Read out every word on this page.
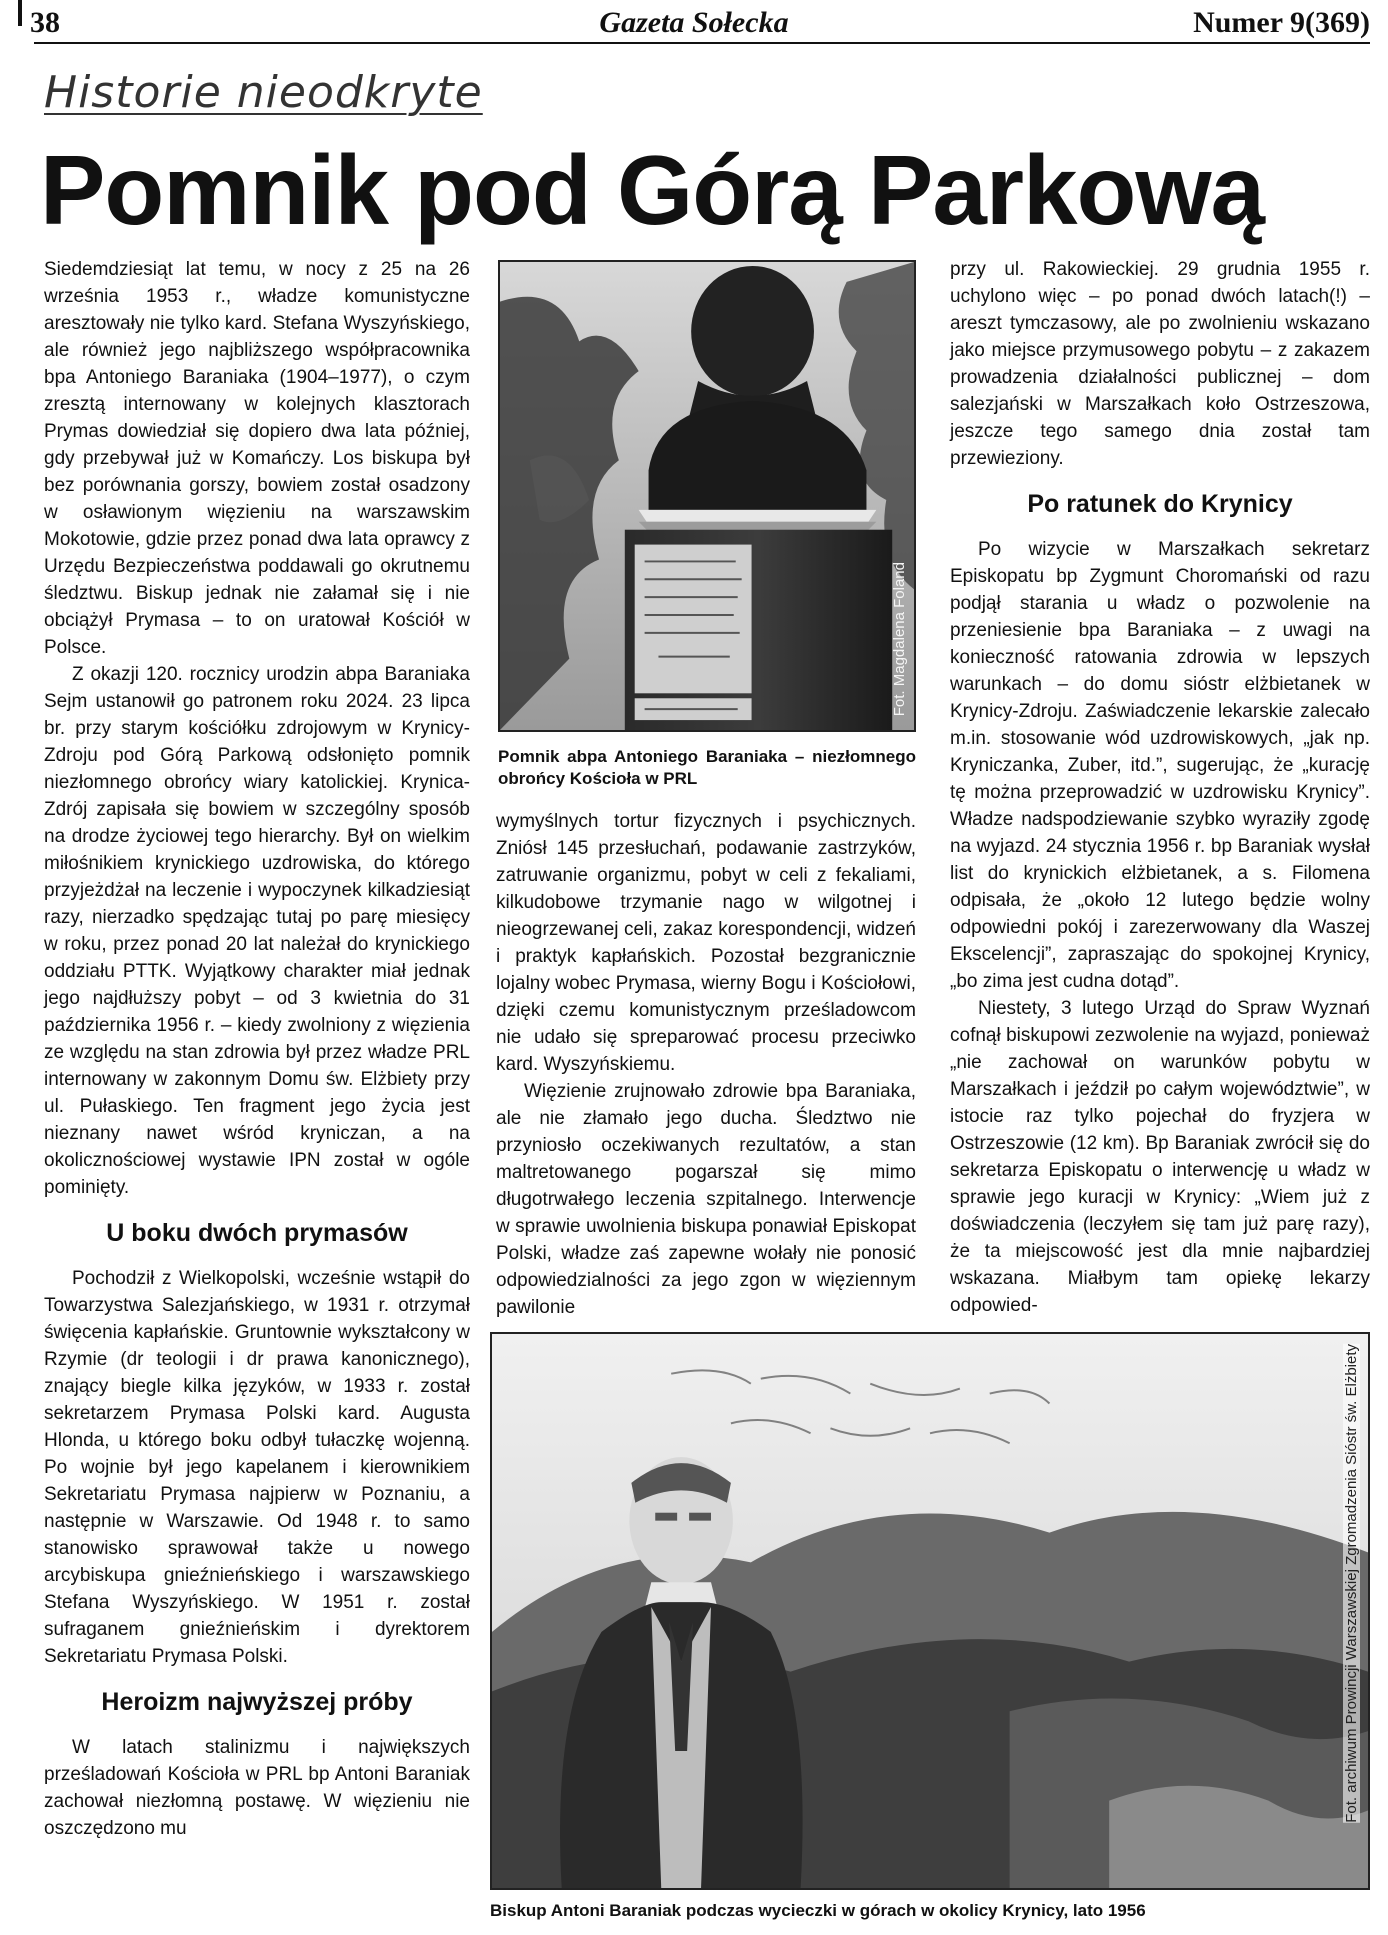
38	Gazeta Sołecka	Numer 9(369)
Historie nieodkryte
Pomnik pod Górą Parkową

Siedemdziesiąt lat temu, w nocy z 25 na 26 września 1953 r., władze komunistyczne aresztowały nie tylko kard. Stefana Wyszyńskiego, ale również jego najbliższego współpracownika bpa Antoniego Baraniaka (1904–1977), o czym zresztą internowany w kolejnych klasztorach Prymas dowiedział się dopiero dwa lata później, gdy przebywał już w Komańczy. Los biskupa był bez porównania gorszy, bowiem został osadzony w osławionym więzieniu na warszawskim Mokotowie, gdzie przez ponad dwa lata oprawcy z Urzędu Bezpieczeństwa poddawali go okrutnemu śledztwu. Biskup jednak nie załamał się i nie obciążył Prymasa – to on uratował Kościół w Polsce.

Z okazji 120. rocznicy urodzin abpa Baraniaka Sejm ustanowił go patronem roku 2024. 23 lipca br. przy starym kościółku zdrojowym w Krynicy-Zdroju pod Górą Parkową odsłonięto pomnik niezłomnego obrońcy wiary katolickiej. Krynica-Zdrój zapisała się bowiem w szczególny sposób na drodze życiowej tego hierarchy. Był on wielkim miłośnikiem krynickiego uzdrowiska, do którego przyjeżdżał na leczenie i wypoczynek kilkadziesiąt razy, nierzadko spędzając tutaj po parę miesięcy w roku, przez ponad 20 lat należał do krynickiego oddziału PTTK. Wyjątkowy charakter miał jednak jego najdłuższy pobyt – od 3 kwietnia do 31 października 1956 r. – kiedy zwolniony z więzienia ze względu na stan zdrowia był przez władze PRL internowany w zakonnym Domu św. Elżbiety przy ul. Pułaskiego. Ten fragment jego życia jest nieznany nawet wśród kryniczan, a na okolicznościowej wystawie IPN został w ogóle pominięty.

U boku dwóch prymasów

Pochodził z Wielkopolski, wcześnie wstąpił do Towarzystwa Salezjańskiego, w 1931 r. otrzymał święcenia kapłańskie. Gruntownie wykształcony w Rzymie (dr teologii i dr prawa kanonicznego), znający biegle kilka języków, w 1933 r. został sekretarzem Prymasa Polski kard. Augusta Hlonda, u którego boku odbył tułaczkę wojenną. Po wojnie był jego kapelanem i kierownikiem Sekretariatu Prymasa najpierw w Poznaniu, a następnie w Warszawie. Od 1948 r. to samo stanowisko sprawował także u nowego arcybiskupa gnieźnieńskiego i warszawskiego Stefana Wyszyńskiego. W 1951 r. został sufraganem gnieźnieńskim i dyrektorem Sekretariatu Prymasa Polski.

Heroizm najwyższej próby

W latach stalinizmu i największych prześladowań Kościoła w PRL bp Antoni Baraniak zachował niezłomną postawę. W więzieniu nie oszczędzono mu

Fot. Magdalena Foland
Pomnik abpa Antoniego Baraniaka – niezłomnego obrońcy Kościoła w PRL

wymyślnych tortur fizycznych i psychicznych. Zniósł 145 przesłuchań, podawanie zastrzyków, zatruwanie organizmu, pobyt w celi z fekaliami, kilkudobowe trzymanie nago w wilgotnej i nieogrzewanej celi, zakaz korespondencji, widzeń i praktyk kapłańskich. Pozostał bezgranicznie lojalny wobec Prymasa, wierny Bogu i Kościołowi, dzięki czemu komunistycznym prześladowcom nie udało się spreparować procesu przeciwko kard. Wyszyńskiemu.

Więzienie zrujnowało zdrowie bpa Baraniaka, ale nie złamało jego ducha. Śledztwo nie przyniosło oczekiwanych rezultatów, a stan maltretowanego pogarszał się mimo długotrwałego leczenia szpitalnego. Interwencje w sprawie uwolnienia biskupa ponawiał Episkopat Polski, władze zaś zapewne wołały nie ponosić odpowiedzialności za jego zgon w więziennym pawilonie

przy ul. Rakowieckiej. 29 grudnia 1955 r. uchylono więc – po ponad dwóch latach(!) – areszt tymczasowy, ale po zwolnieniu wskazano jako miejsce przymusowego pobytu – z zakazem prowadzenia działalności publicznej – dom salezjański w Marszałkach koło Ostrzeszowa, jeszcze tego samego dnia został tam przewieziony.

Po ratunek do Krynicy

Po wizycie w Marszałkach sekretarz Episkopatu bp Zygmunt Choromański od razu podjął starania u władz o pozwolenie na przeniesienie bpa Baraniaka – z uwagi na konieczność ratowania zdrowia w lepszych warunkach – do domu sióstr elżbietanek w Krynicy-Zdroju. Zaświadczenie lekarskie zalecało m.in. stosowanie wód uzdrowiskowych, „jak np. Kryniczanka, Zuber, itd.”, sugerując, że „kurację tę można przeprowadzić w uzdrowisku Krynicy”. Władze nadspodziewanie szybko wyraziły zgodę na wyjazd. 24 stycznia 1956 r. bp Baraniak wysłał list do krynickich elżbietanek, a s. Filomena odpisała, że „około 12 lutego będzie wolny odpowiedni pokój i zarezerwowany dla Waszej Ekscelencji”, zapraszając do spokojnej Krynicy, „bo zima jest cudna dotąd”.

Niestety, 3 lutego Urząd do Spraw Wyznań cofnął biskupowi zezwolenie na wyjazd, ponieważ „nie zachował on warunków pobytu w Marszałkach i jeździł po całym województwie”, w istocie raz tylko pojechał do fryzjera w Ostrzeszowie (12 km). Bp Baraniak zwrócił się do sekretarza Episkopatu o interwencję u władz w sprawie jego kuracji w Krynicy: „Wiem już z doświadczenia (leczyłem się tam już parę razy), że ta miejscowość jest dla mnie najbardziej wskazana. Miałbym tam opiekę lekarzy odpowied-

Fot. archiwum Prowincji Warszawskiej Zgromadzenia Sióstr św. Elżbiety
Biskup Antoni Baraniak podczas wycieczki w górach w okolicy Krynicy, lato 1956
